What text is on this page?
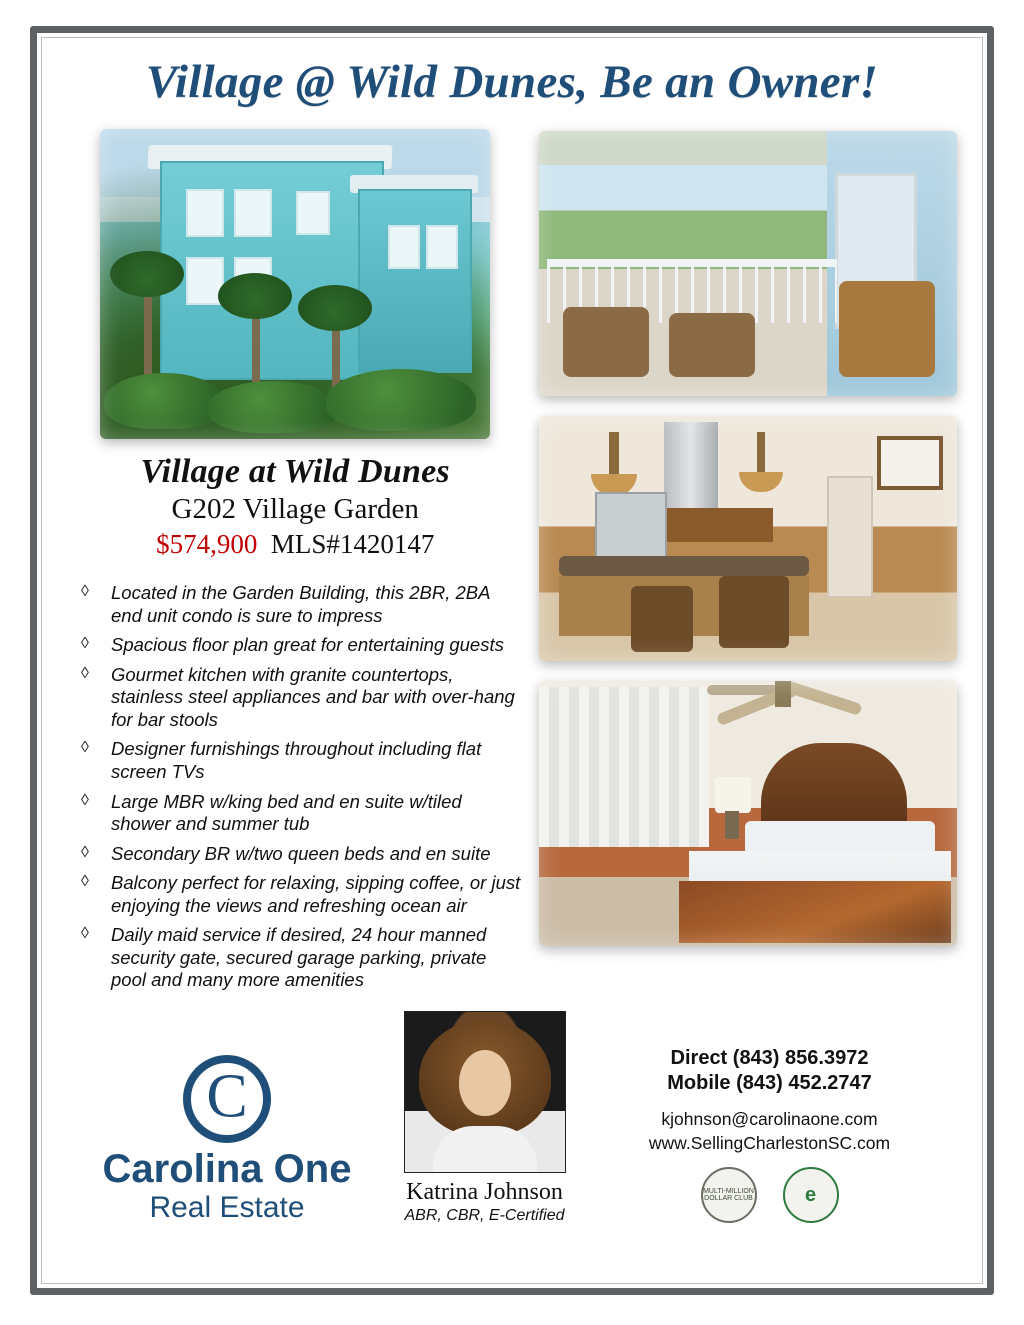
Village @ Wild Dunes, Be an Owner!
Village at Wild Dunes
G202 Village Garden
$574,900 MLS#1420147
◊ Located in the Garden Building, this 2BR, 2BA end unit condo is sure to impress
◊ Spacious floor plan great for entertaining guests
◊ Gourmet kitchen with granite countertops, stainless steel appliances and bar with over-hang for bar stools
◊ Designer furnishings throughout including flat screen TVs
◊ Large MBR w/king bed and en suite w/tiled shower and summer tub
◊ Secondary BR w/two queen beds and en suite
◊ Balcony perfect for relaxing, sipping coffee, or just enjoying the views and refreshing ocean air
◊ Daily maid service if desired, 24 hour manned security gate, secured garage parking, private pool and many more amenities
C
Carolina One
Real Estate	Katrina Johnson
ABR, CBR, E-Certified
Direct (843) 856.3972
Mobile (843) 452.2747
kjohnson@carolinaone.com
www.SellingCharlestonSC.com
MULTI-MILLION DOLLAR CLUB	e
